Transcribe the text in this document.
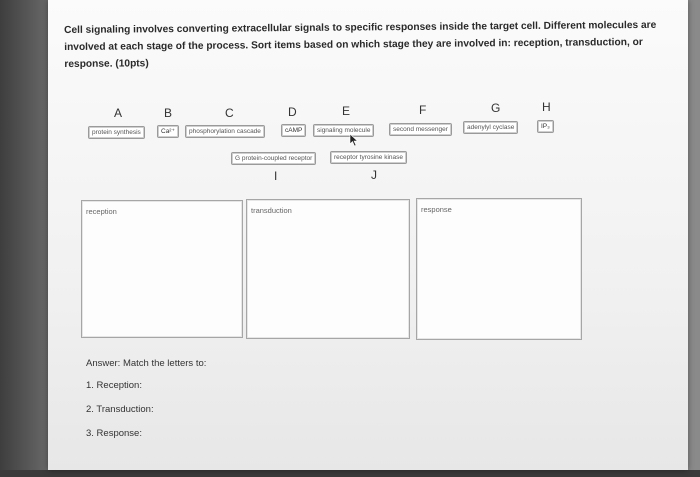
Cell signaling involves converting extracellular signals to specific responses inside the target cell. Different molecules are involved at each stage of the process. Sort items based on which stage they are involved in: reception, transduction, or response. (10pts)
A	B	C	D	E	F	G	H
protein synthesis	Ca²⁺	phosphorylation cascade	cAMP	signaling molecule	second messenger	adenylyl cyclase	IP₃
G protein-coupled receptor	receptor tyrosine kinase
I	J
reception	transduction	response
Answer: Match the letters to:
1. Reception:
2. Transduction:
3. Response:
